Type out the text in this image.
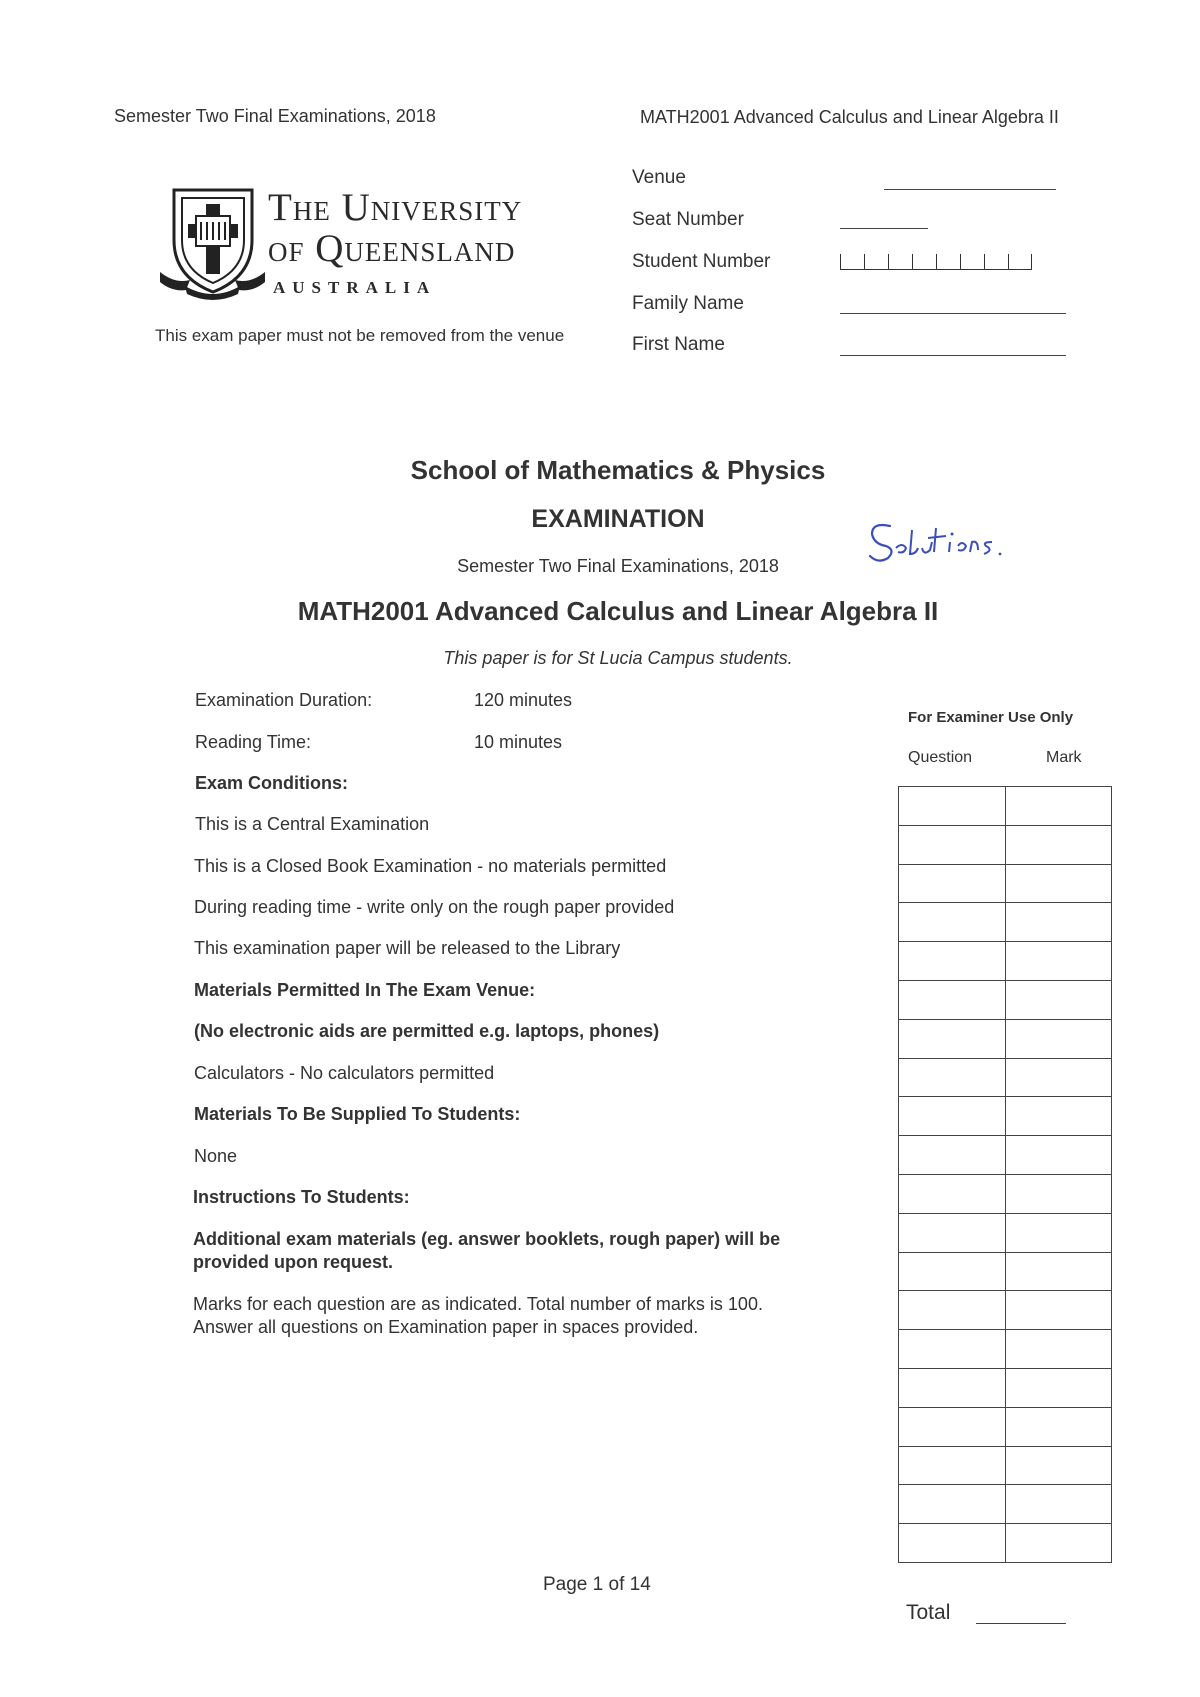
Semester Two Final Examinations, 2018	MATH2001 Advanced Calculus and Linear Algebra II
The University
of Queensland
AUSTRALIA
This exam paper must not be removed from the venue
Venue
Seat Number
Student Number
Family Name
First Name
School of Mathematics & Physics
EXAMINATION
Semester Two Final Examinations, 2018
MATH2001 Advanced Calculus and Linear Algebra II
This paper is for St Lucia Campus students.
Examination Duration:	120 minutes
Reading Time:	10 minutes
Exam Conditions:
This is a Central Examination
This is a Closed Book Examination - no materials permitted
During reading time - write only on the rough paper provided
This examination paper will be released to the Library
Materials Permitted In The Exam Venue:
(No electronic aids are permitted e.g. laptops, phones)
Calculators - No calculators permitted
Materials To Be Supplied To Students:
None
Instructions To Students:
Additional exam materials (eg. answer booklets, rough paper) will be
provided upon request.
Marks for each question are as indicated. Total number of marks is 100.
Answer all questions on Examination paper in spaces provided.
For Examiner Use Only
Question	Mark

Total
Page 1 of 14
